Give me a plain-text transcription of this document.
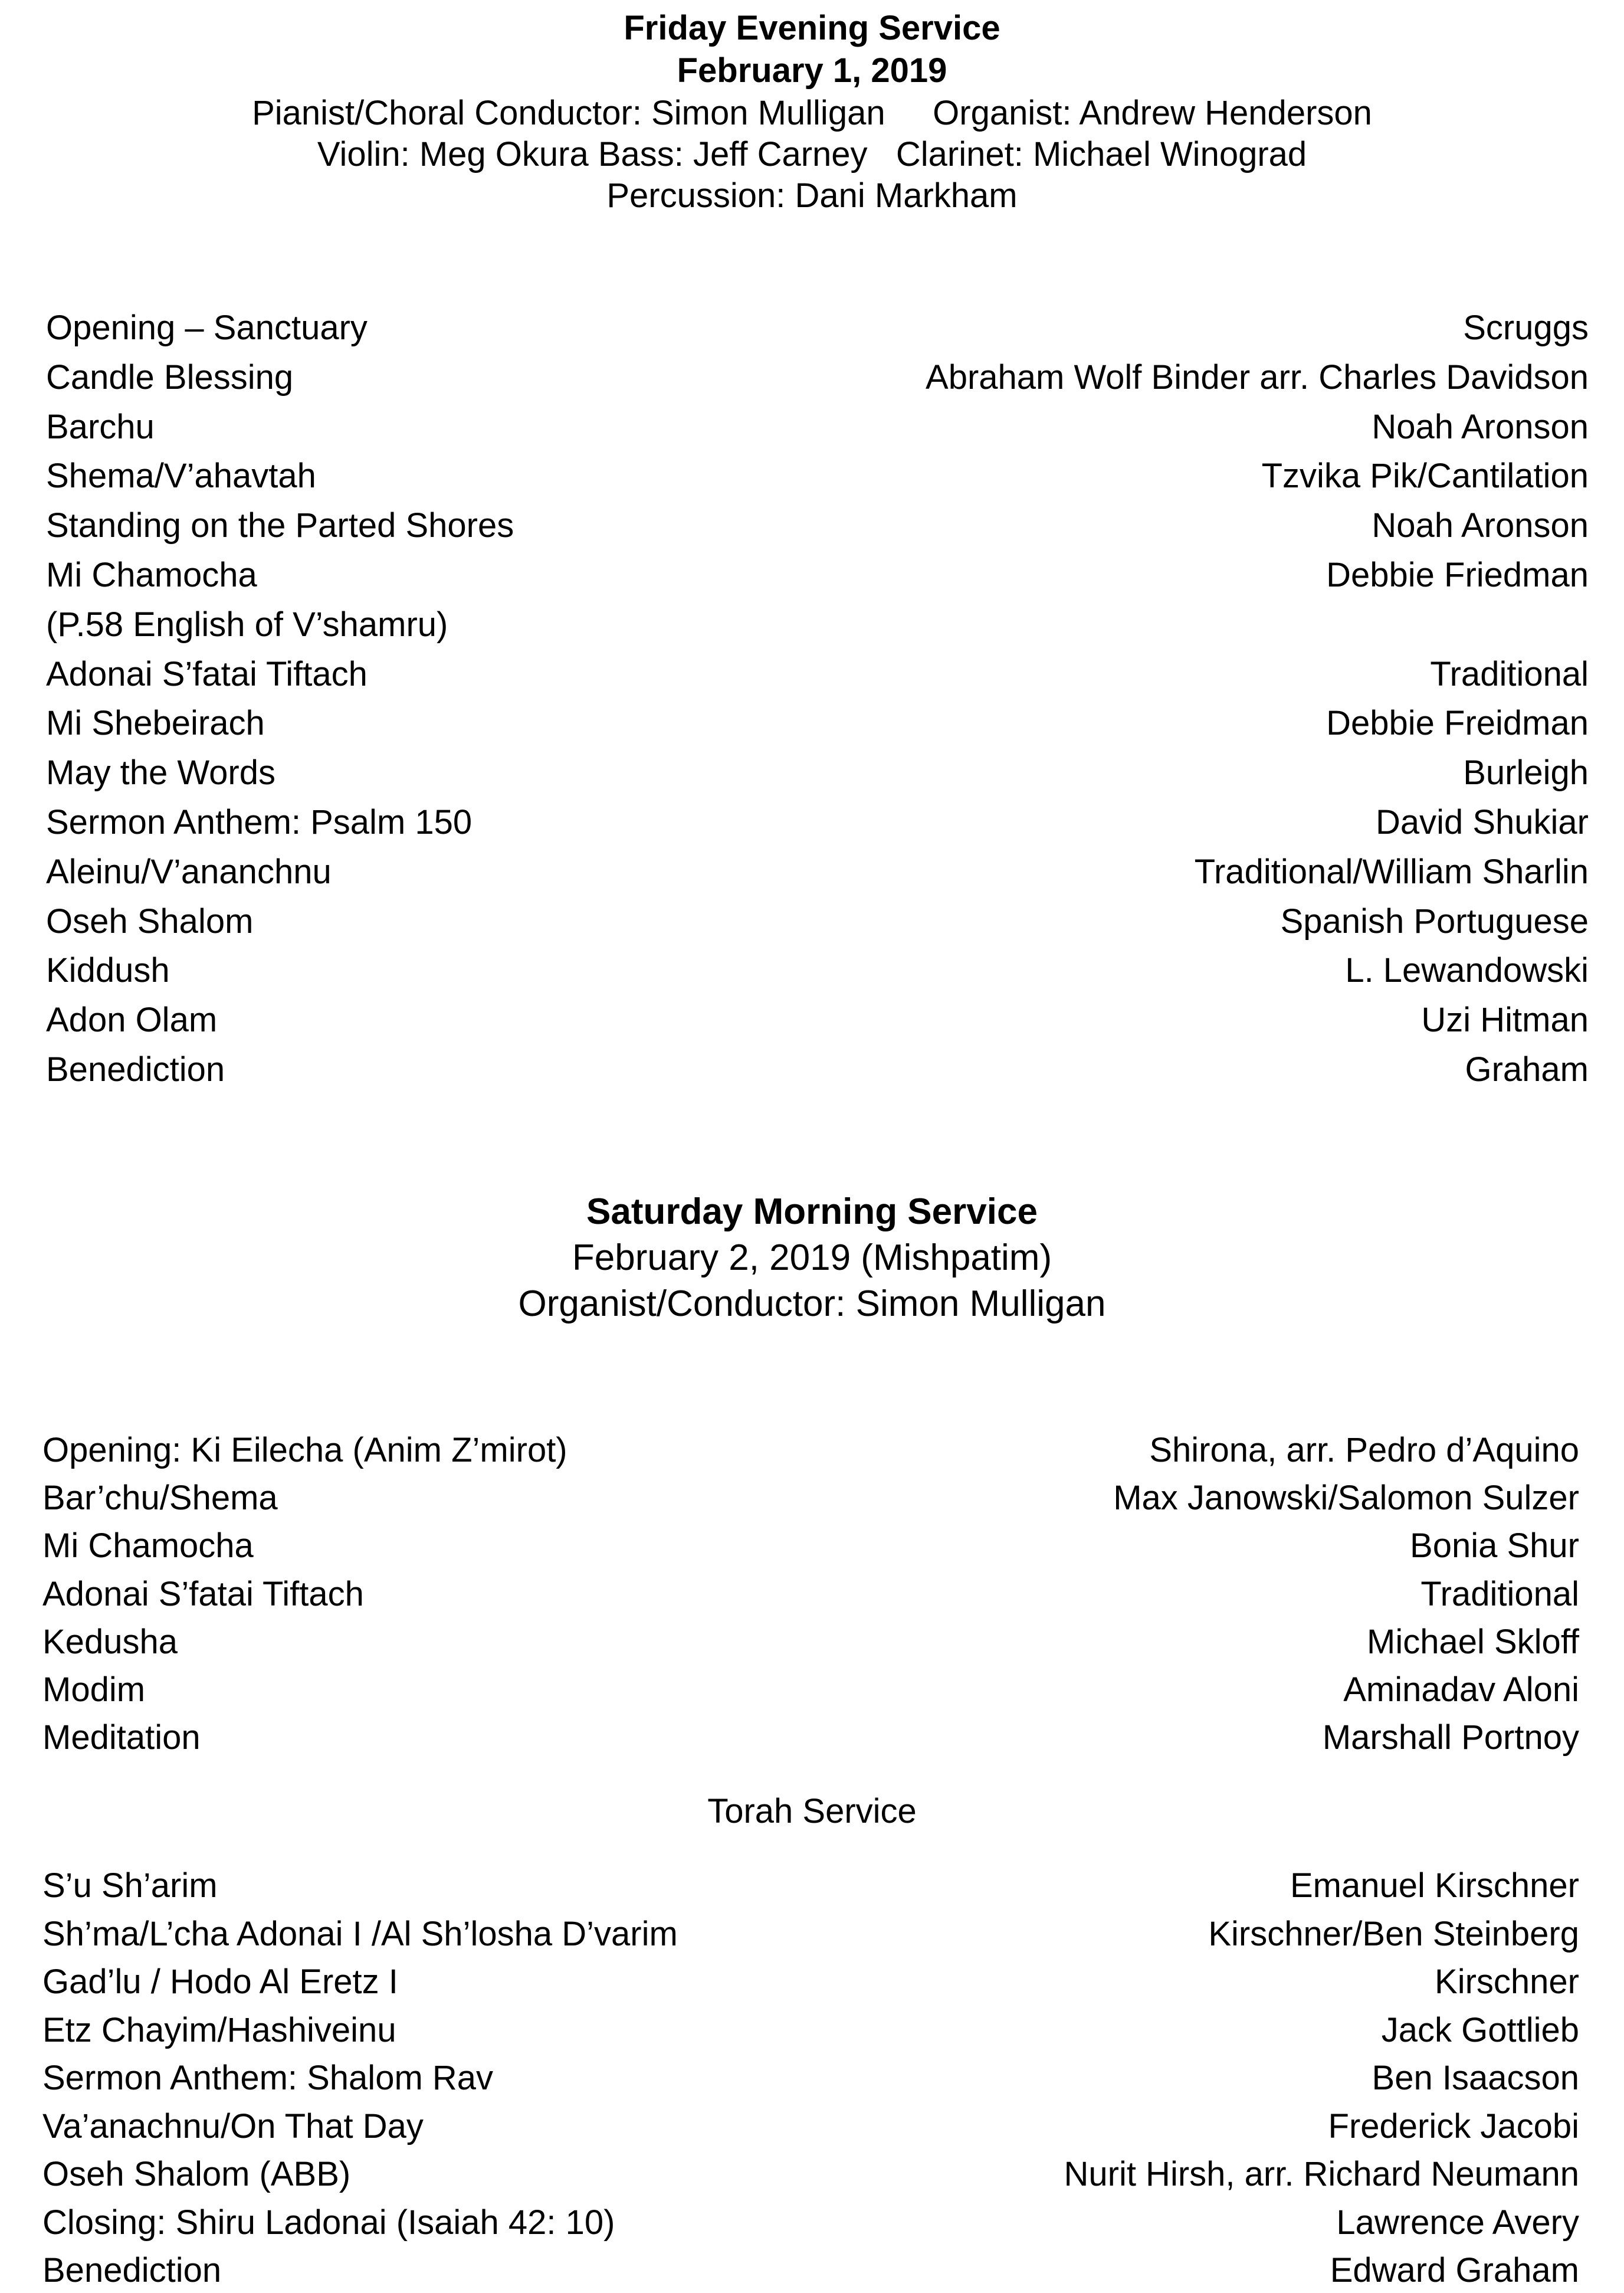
Friday Evening Service
February 1, 2019
Pianist/Choral Conductor: Simon Mulligan     Organist: Andrew Henderson
Violin: Meg Okura Bass: Jeff Carney   Clarinet: Michael Winograd
Percussion: Dani Markham
Opening – Sanctuary	Scruggs
Candle Blessing	Abraham Wolf Binder arr. Charles Davidson
Barchu	Noah Aronson
Shema/V’ahavtah	Tzvika Pik/Cantilation
Standing on the Parted Shores	Noah Aronson
Mi Chamocha	Debbie Friedman
(P.58 English of V’shamru)
Adonai S’fatai Tiftach	Traditional
Mi Shebeirach	Debbie Freidman
May the Words	Burleigh
Sermon Anthem: Psalm 150	David Shukiar
Aleinu/V’ananchnu	Traditional/William Sharlin
Oseh Shalom	Spanish Portuguese
Kiddush	L. Lewandowski
Adon Olam	Uzi Hitman
Benediction	Graham
Saturday Morning Service
February 2, 2019 (Mishpatim)
Organist/Conductor: Simon Mulligan
Opening: Ki Eilecha (Anim Z’mirot)	Shirona, arr. Pedro d’Aquino
Bar’chu/Shema	Max Janowski/Salomon Sulzer
Mi Chamocha	Bonia Shur
Adonai S’fatai Tiftach	Traditional
Kedusha	Michael Skloff
Modim	Aminadav Aloni
Meditation	Marshall Portnoy
Torah Service
S’u Sh’arim	Emanuel Kirschner
Sh’ma/L’cha Adonai I /Al Sh’losha D’varim	Kirschner/Ben Steinberg
Gad’lu / Hodo Al Eretz I	Kirschner
Etz Chayim/Hashiveinu	Jack Gottlieb
Sermon Anthem: Shalom Rav	Ben Isaacson
Va’anachnu/On That Day	Frederick Jacobi
Oseh Shalom (ABB)	Nurit Hirsh, arr. Richard Neumann
Closing: Shiru Ladonai (Isaiah 42: 10)	Lawrence Avery
Benediction	Edward Graham
